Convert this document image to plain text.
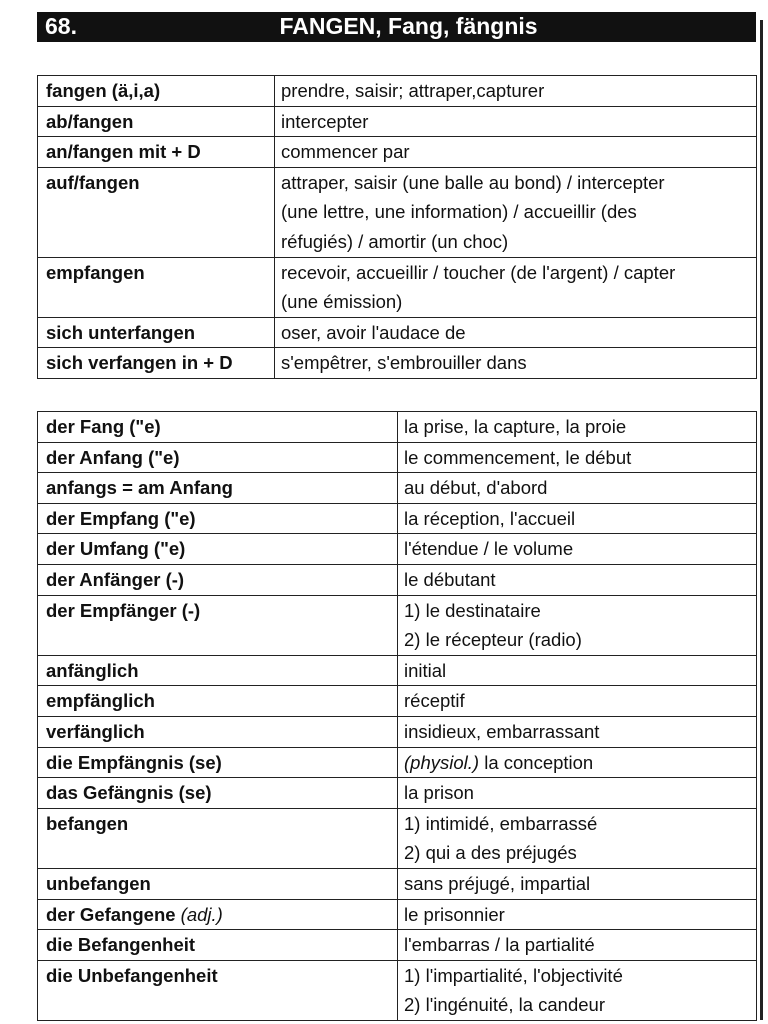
68.	FANGEN, Fang, fängnis
fangen (ä,i,a)	prendre, saisir; attraper,capturer

ab/fangen	intercepter

an/fangen mit + D	commencer par

auf/fangen	attraper, saisir (une balle au bond) / intercepter
(une lettre, une information) / accueillir (des
réfugiés) / amortir (un choc)

empfangen	recevoir, accueillir / toucher (de l'argent) / capter
(une émission)

sich unterfangen	oser, avoir l'audace de

sich verfangen in + D	s'empêtrer, s'embrouiller dans
der Fang ("e)	la prise, la capture, la proie

der Anfang ("e)	le commencement, le début

anfangs = am Anfang	au début, d'abord

der Empfang ("e)	la réception, l'accueil

der Umfang ("e)	l'étendue / le volume

der Anfänger (-)	le débutant

der Empfänger (-)	1) le destinataire
2) le récepteur (radio)

anfänglich	initial

empfänglich	réceptif

verfänglich	insidieux, embarrassant

die Empfängnis (se)	(physiol.) la conception

das Gefängnis (se)	la prison

befangen	1) intimidé, embarrassé
2) qui a des préjugés

unbefangen	sans préjugé, impartial

der Gefangene (adj.)	le prisonnier

die Befangenheit	l'embarras / la partialité

die Unbefangenheit	1) l'impartialité, l'objectivité
2) l'ingénuité, la candeur
